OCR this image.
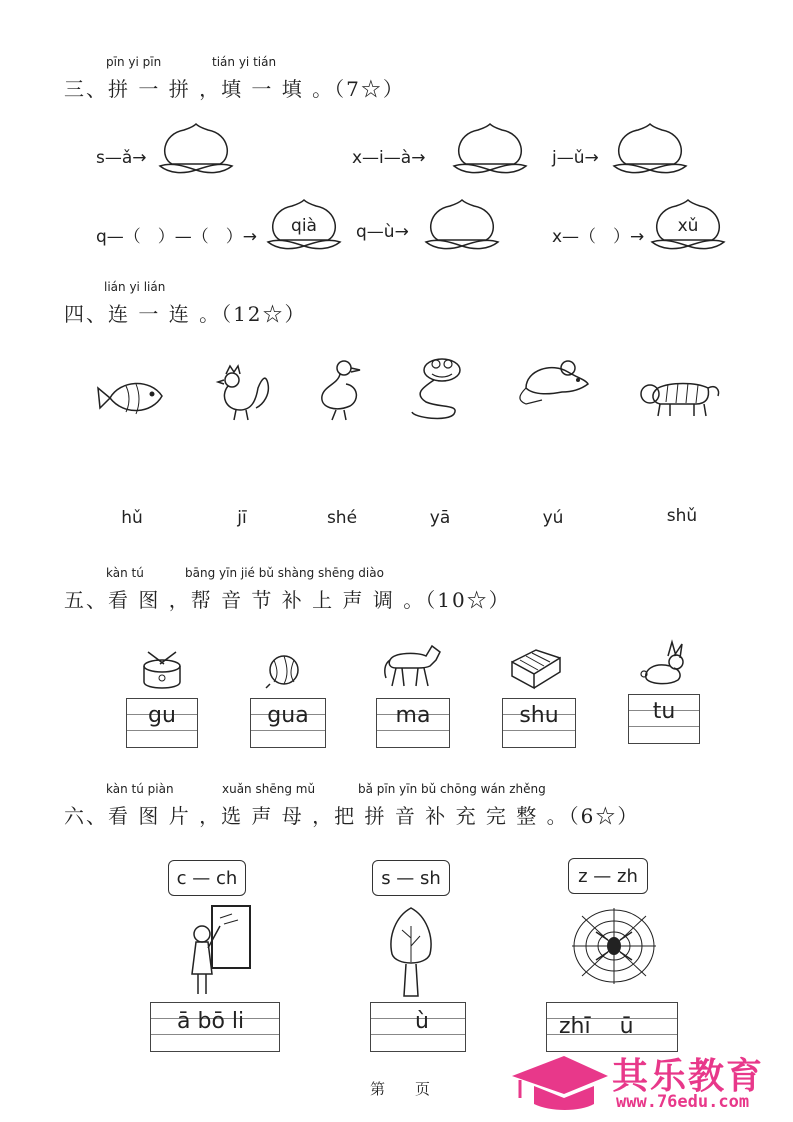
pīn yi pīn	tián yi tián
三、拼 一 拼 ，填 一 填 。（7☆）
s—ǎ→	x—i—à→	j—ǔ→
q—（　）—（　）→
qià q—ù→	x—（　）→
xǔ
lián yi lián
四、连 一 连 。（12☆）
hǔ	jī	shé	yā	yú	shǔ
kàn tú	bāng yīn jié bǔ shàng shēng diào
五、看 图 ，帮 音 节 补 上 声 调 。（10☆）
gu	gua	ma	shu	tu
kàn tú piàn	xuǎn shēng mǔ	bǎ pīn yīn bǔ chōng wán zhěng
六、看 图 片 ，选 声 母 ，把 拼 音 补 充 完 整 。（6☆）
c — ch	s — sh	z — zh
ā bō li	ù	zhī　 ū
第　　页	其乐教育
www.76edu.com
